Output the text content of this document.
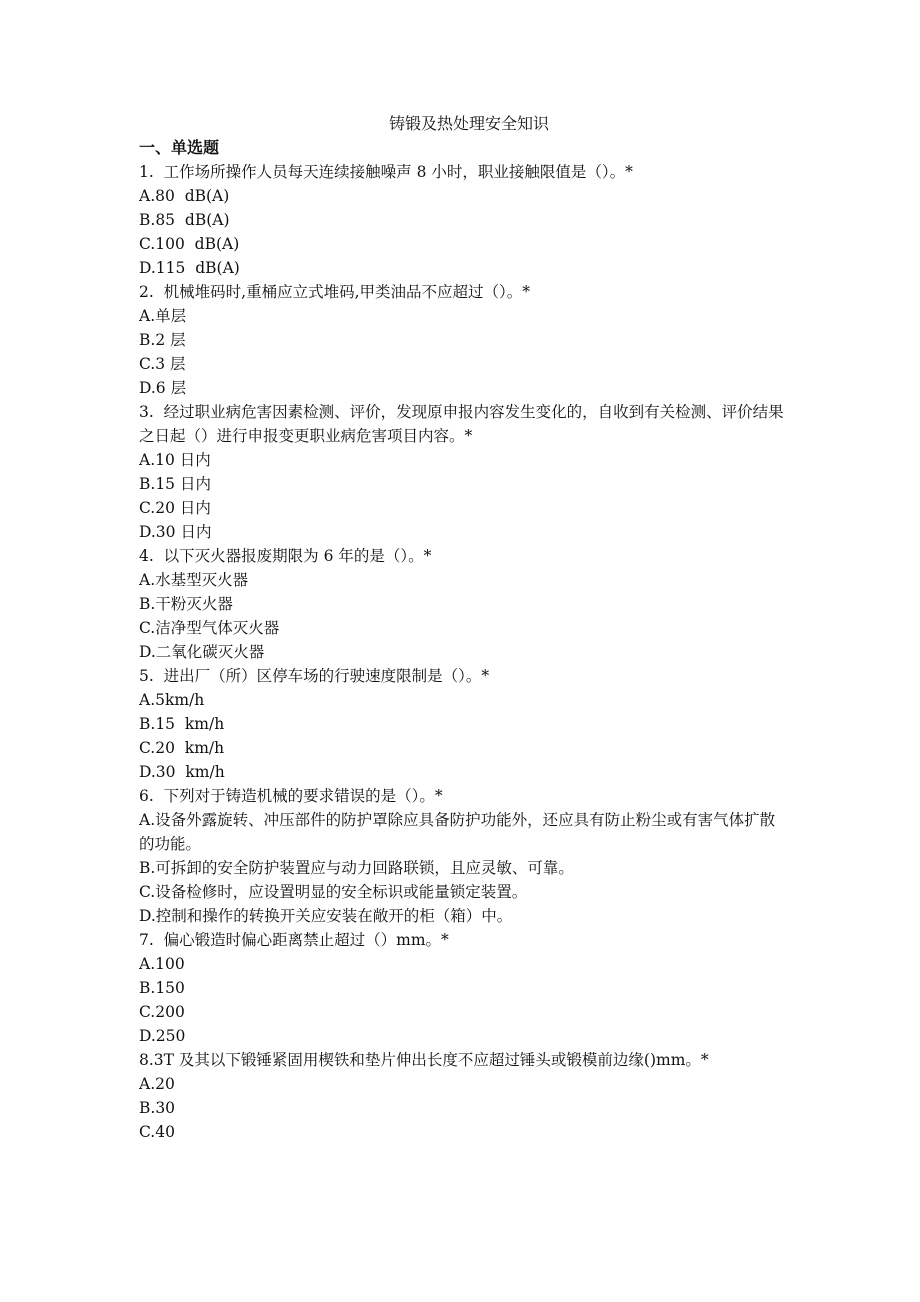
铸锻及热处理安全知识
一、单选题
1.  工作场所操作人员每天连续接触噪声 8 小时，职业接触限值是（）。*
A.80  dB(A)
B.85  dB(A)
C.100  dB(A)
D.115  dB(A)
2.  机械堆码时,重桶应立式堆码,甲类油品不应超过（）。*
A.单层
B.2 层
C.3 层
D.6 层
3.  经过职业病危害因素检测、评价，发现原申报内容发生变化的，自收到有关检测、评价结果之日起（）进行申报变更职业病危害项目内容。*
A.10 日内
B.15 日内
C.20 日内
D.30 日内
4.  以下灭火器报废期限为 6 年的是（）。*
A.水基型灭火器
B.干粉灭火器
C.洁净型气体灭火器
D.二氧化碳灭火器
5.  进出厂（所）区停车场的行驶速度限制是（）。*
A.5km/h
B.15  km/h
C.20  km/h
D.30  km/h
6.  下列对于铸造机械的要求错误的是（）。*
A.设备外露旋转、冲压部件的防护罩除应具备防护功能外，还应具有防止粉尘或有害气体扩散的功能。
B.可拆卸的安全防护装置应与动力回路联锁，且应灵敏、可靠。
C.设备检修时，应设置明显的安全标识或能量锁定装置。
D.控制和操作的转换开关应安装在敞开的柜（箱）中。
7.  偏心锻造时偏心距离禁止超过（）mm。*
A.100
B.150
C.200
D.250
8.3T 及其以下锻锤紧固用楔铁和垫片伸出长度不应超过锤头或锻模前边缘()mm。*
A.20
B.30
C.40
